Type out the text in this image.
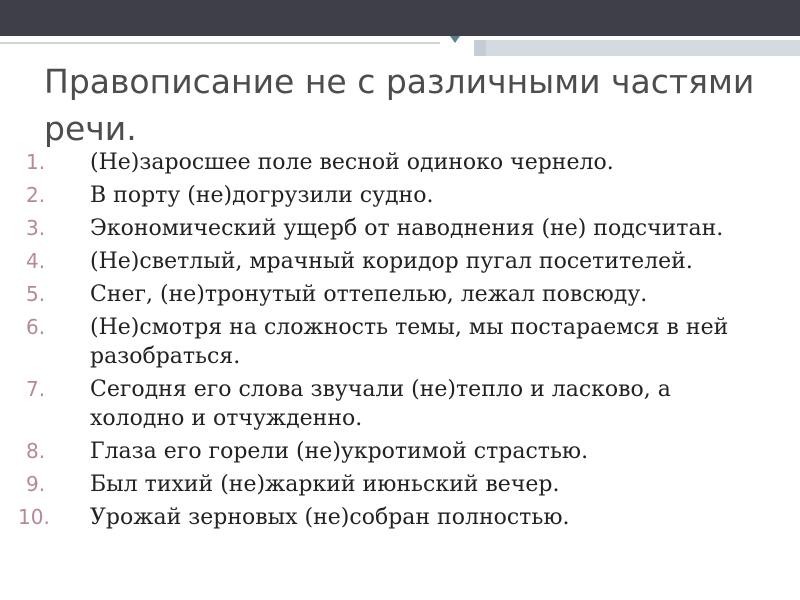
Правописание не с различными частями речи.
1.	(Не)заросшее поле весной одиноко чернело.
2.	В порту (не)догрузили судно.
3.	Экономический ущерб от наводнения (не) подсчитан.
4.	(Не)светлый, мрачный коридор пугал посетителей.
5.	Снег, (не)тронутый оттепелью, лежал повсюду.
6.	(Не)смотря на сложность темы, мы постараемся в ней разобраться.
7.	Сегодня его слова звучали (не)тепло и ласково, а холодно и отчужденно.
8.	Глаза его горели (не)укротимой страстью.
9.	Был тихий (не)жаркий июньский вечер.
10.	Урожай зерновых (не)собран полностью.
